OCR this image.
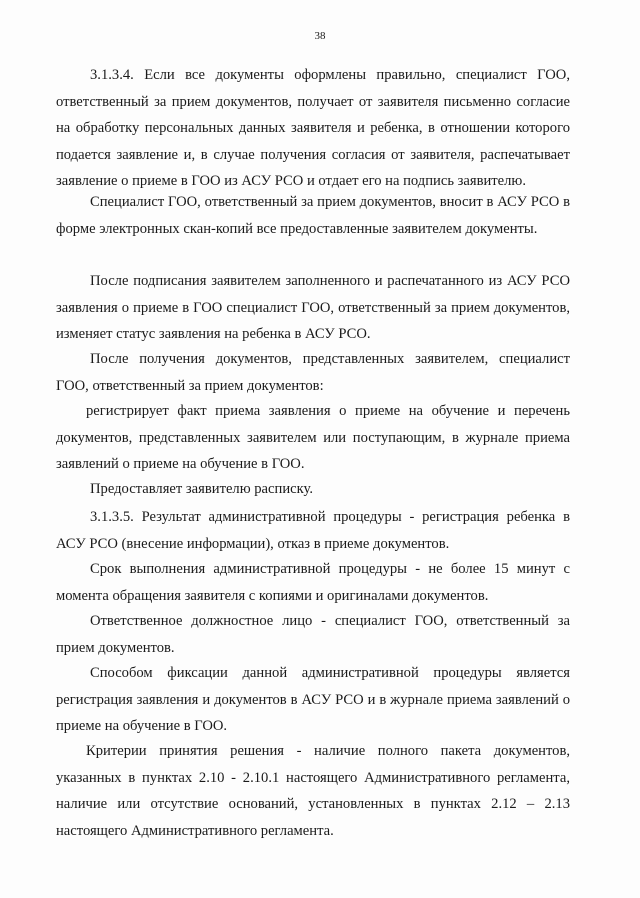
38

3.1.3.4. Если все документы оформлены правильно, специалист ГОО, ответственный за прием документов, получает от заявителя письменно согласие на обработку персональных данных заявителя и ребенка, в отношении которого подается заявление и, в случае получения согласия от заявителя, распечатывает заявление о приеме в ГОО из АСУ РСО и отдает его на подпись заявителю.

Специалист ГОО, ответственный за прием документов, вносит в АСУ РСО в форме электронных скан-копий все предоставленные заявителем документы.

После подписания заявителем заполненного и распечатанного из АСУ РСО заявления о приеме в ГОО специалист ГОО, ответственный за прием документов, изменяет статус заявления на ребенка в АСУ РСО.

После получения документов, представленных заявителем, специалист ГОО, ответственный за прием документов:

регистрирует факт приема заявления о приеме на обучение и перечень документов, представленных заявителем или поступающим, в журнале приема заявлений о приеме на обучение в ГОО.

Предоставляет заявителю расписку.

3.1.3.5. Результат административной процедуры - регистрация ребенка в АСУ РСО (внесение информации), отказ в приеме документов.

Срок выполнения административной процедуры - не более 15 минут с момента обращения заявителя с копиями и оригиналами документов.

Ответственное должностное лицо - специалист ГОО, ответственный за прием документов.

Способом фиксации данной административной процедуры является регистрация заявления и документов в АСУ РСО и в журнале приема заявлений о приеме на обучение в ГОО.

Критерии принятия решения - наличие полного пакета документов, указанных в пунктах 2.10 - 2.10.1 настоящего Административного регламента, наличие или отсутствие оснований, установленных в пунктах 2.12 – 2.13 настоящего Административного регламента.
